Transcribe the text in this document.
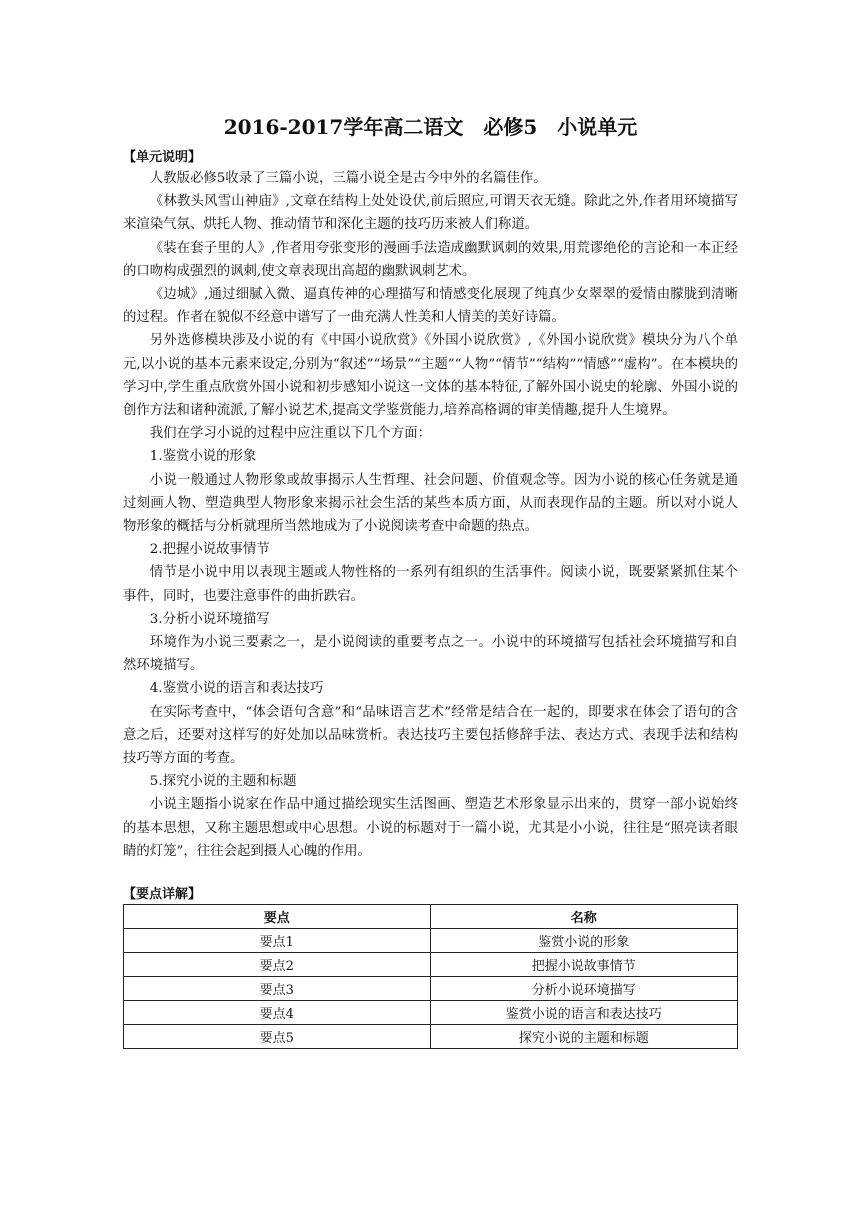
2016-2017学年高二语文　必修5　小说单元
【单元说明】

人教版必修5收录了三篇小说，三篇小说全是古今中外的名篇佳作。

《林教头风雪山神庙》,文章在结构上处处设伏,前后照应,可谓天衣无缝。除此之外,作者用环境描写来渲染气氛、烘托人物、推动情节和深化主题的技巧历来被人们称道。

《装在套子里的人》,作者用夸张变形的漫画手法造成幽默讽刺的效果,用荒谬绝伦的言论和一本正经的口吻构成强烈的讽刺,使文章表现出高超的幽默讽刺艺术。

《边城》,通过细腻入微、逼真传神的心理描写和情感变化展现了纯真少女翠翠的爱情由朦胧到清晰的过程。作者在貌似不经意中谱写了一曲充满人性美和人情美的美好诗篇。

另外选修模块涉及小说的有《中国小说欣赏》《外国小说欣赏》,《外国小说欣赏》模块分为八个单元,以小说的基本元素来设定,分别为“叙述”“场景”“主题”“人物”“情节”“结构”“情感”“虚构”。在本模块的学习中,学生重点欣赏外国小说和初步感知小说这一文体的基本特征,了解外国小说史的轮廓、外国小说的创作方法和诸种流派,了解小说艺术,提高文学鉴赏能力,培养高格调的审美情趣,提升人生境界。

我们在学习小说的过程中应注重以下几个方面：

1.鉴赏小说的形象

小说一般通过人物形象或故事揭示人生哲理、社会问题、价值观念等。因为小说的核心任务就是通过刻画人物、塑造典型人物形象来揭示社会生活的某些本质方面，从而表现作品的主题。所以对小说人物形象的概括与分析就理所当然地成为了小说阅读考查中命题的热点。

2.把握小说故事情节

情节是小说中用以表现主题或人物性格的一系列有组织的生活事件。阅读小说，既要紧紧抓住某个事件，同时，也要注意事件的曲折跌宕。

3.分析小说环境描写

环境作为小说三要素之一，是小说阅读的重要考点之一。小说中的环境描写包括社会环境描写和自然环境描写。

4.鉴赏小说的语言和表达技巧

在实际考查中，“体会语句含意”和“品味语言艺术”经常是结合在一起的，即要求在体会了语句的含意之后，还要对这样写的好处加以品味赏析。表达技巧主要包括修辞手法、表达方式、表现手法和结构技巧等方面的考查。

5.探究小说的主题和标题

小说主题指小说家在作品中通过描绘现实生活图画、塑造艺术形象显示出来的，贯穿一部小说始终的基本思想，又称主题思想或中心思想。小说的标题对于一篇小说，尤其是小小说，往往是“照亮读者眼睛的灯笼”，往往会起到摄人心魄的作用。

【要点详解】
要点	名称
要点1	鉴赏小说的形象
要点2	把握小说故事情节
要点3	分析小说环境描写
要点4	鉴赏小说的语言和表达技巧
要点5	探究小说的主题和标题
